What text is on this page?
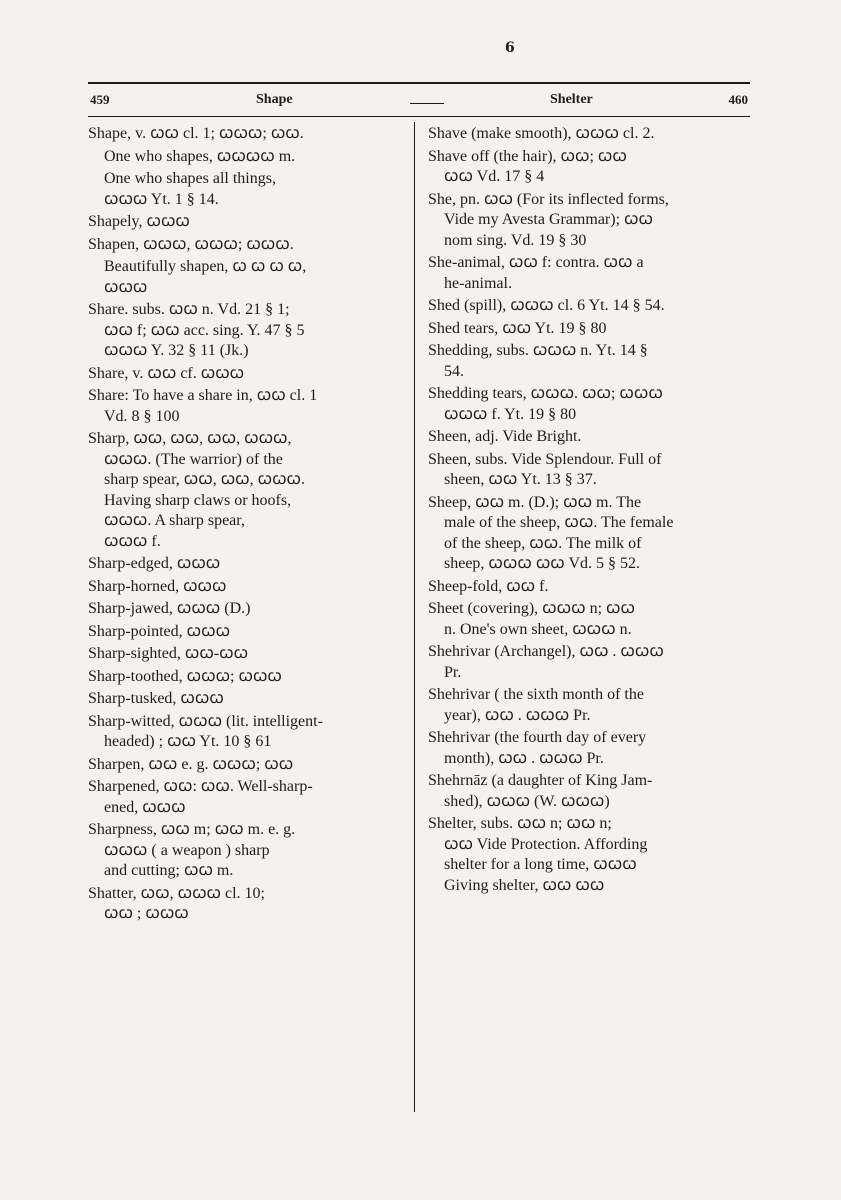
6
459	Shape	Shelter	460
Shape, v. ꞷꞷ cl. 1; ꞷꞷꞷ; ꞷꞷ.
One who shapes, ꞷꞷꞷꞷ m.
One who shapes all things,
ꞷꞷꞷ Yt. 1 § 14.
Shapely, ꞷꞷꞷ
Shapen, ꞷꞷꞷ, ꞷꞷꞷ; ꞷꞷꞷ.
Beautifully shapen, ꞷ ꞷ ꞷ ꞷ,
ꞷꞷꞷ
Share. subs. ꞷꞷ n. Vd. 21 § 1;
ꞷꞷ f; ꞷꞷ acc. sing. Y. 47 § 5
ꞷꞷꞷ Y. 32 § 11 (Jk.)
Share, v. ꞷꞷ cf. ꞷꞷꞷ
Share: To have a share in, ꞷꞷ cl. 1
Vd. 8 § 100
Sharp, ꞷꞷ, ꞷꞷ, ꞷꞷ, ꞷꞷꞷ,
ꞷꞷꞷ. (The warrior) of the
sharp spear, ꞷꞷ, ꞷꞷ, ꞷꞷꞷ.
Having sharp claws or hoofs,
ꞷꞷꞷ. A sharp spear,
ꞷꞷꞷ f.
Sharp-edged, ꞷꞷꞷ
Sharp-horned, ꞷꞷꞷ
Sharp-jawed, ꞷꞷꞷ (D.)
Sharp-pointed, ꞷꞷꞷ
Sharp-sighted, ꞷꞷ-ꞷꞷ
Sharp-toothed, ꞷꞷꞷ; ꞷꞷꞷ
Sharp-tusked, ꞷꞷꞷ
Sharp-witted, ꞷꞷꞷ (lit. intelligent-
headed) ; ꞷꞷ Yt. 10 § 61
Sharpen, ꞷꞷ e. g. ꞷꞷꞷ; ꞷꞷ
Sharpened, ꞷꞷ: ꞷꞷ. Well-sharp-
ened, ꞷꞷꞷ
Sharpness, ꞷꞷ m; ꞷꞷ m. e. g.
ꞷꞷꞷ ( a weapon ) sharp
and cutting; ꞷꞷ m.
Shatter, ꞷꞷ, ꞷꞷꞷ cl. 10;
ꞷꞷ ; ꞷꞷꞷ
Shave (make smooth), ꞷꞷꞷ cl. 2.
Shave off (the hair), ꞷꞷ; ꞷꞷ
ꞷꞷ Vd. 17 § 4
She, pn. ꞷꞷ (For its inflected forms,
Vide my Avesta Grammar); ꞷꞷ
nom sing. Vd. 19 § 30
She-animal, ꞷꞷ f: contra. ꞷꞷ a
he-animal.
Shed (spill), ꞷꞷꞷ cl. 6 Yt. 14 § 54.
Shed tears, ꞷꞷ Yt. 19 § 80
Shedding, subs. ꞷꞷꞷ n. Yt. 14 §
54.
Shedding tears, ꞷꞷꞷ. ꞷꞷ; ꞷꞷꞷ
ꞷꞷꞷ f. Yt. 19 § 80
Sheen, adj. Vide Bright.
Sheen, subs. Vide Splendour. Full of
sheen, ꞷꞷ Yt. 13 § 37.
Sheep, ꞷꞷ m. (D.); ꞷꞷ m. The
male of the sheep, ꞷꞷ. The female
of the sheep, ꞷꞷ. The milk of
sheep, ꞷꞷꞷ ꞷꞷ Vd. 5 § 52.
Sheep-fold, ꞷꞷ f.
Sheet (covering), ꞷꞷꞷ n; ꞷꞷ
n. One's own sheet, ꞷꞷꞷ n.
Shehrivar (Archangel), ꞷꞷ . ꞷꞷꞷ
Pr.
Shehrivar ( the sixth month of the
year), ꞷꞷ . ꞷꞷꞷ Pr.
Shehrivar (the fourth day of every
month), ꞷꞷ . ꞷꞷꞷ Pr.
Shehrnāz (a daughter of King Jam-
shed), ꞷꞷꞷ (W. ꞷꞷꞷ)
Shelter, subs. ꞷꞷ n; ꞷꞷ n;
ꞷꞷ Vide Protection. Affording
shelter for a long time, ꞷꞷꞷ
Giving shelter, ꞷꞷ ꞷꞷ
